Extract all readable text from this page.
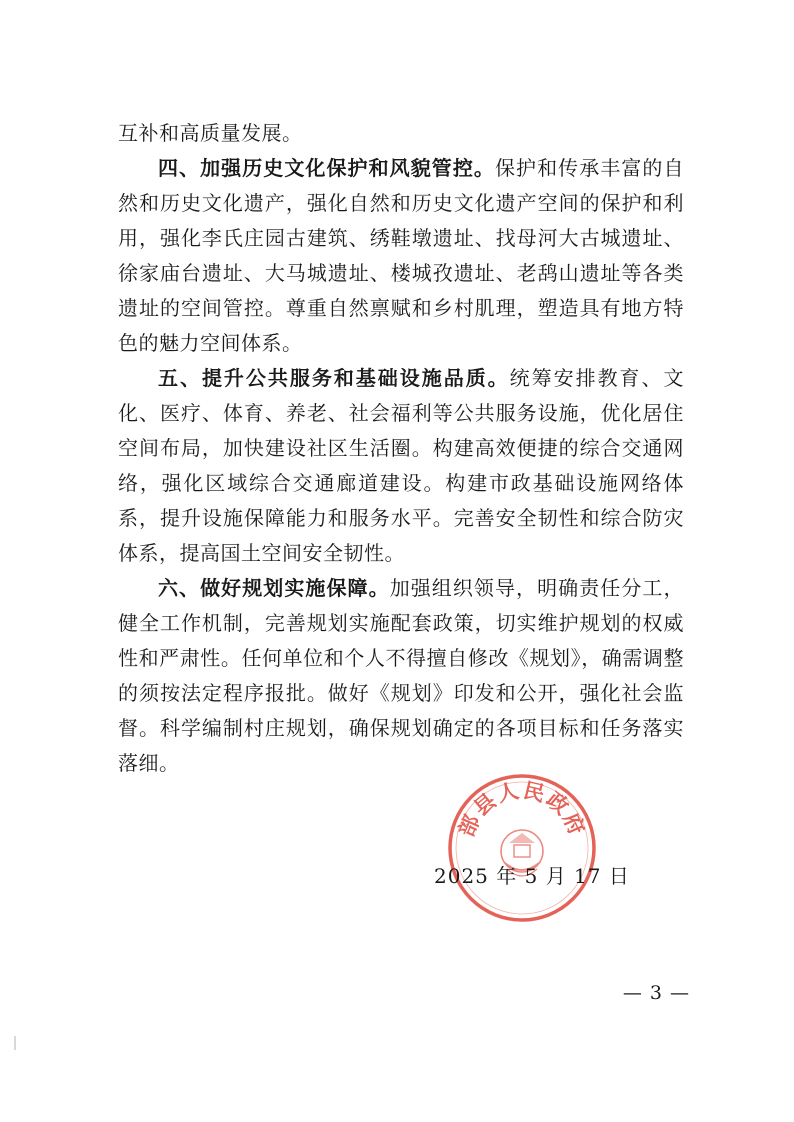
互补和高质量发展。

四、加强历史文化保护和风貌管控。保护和传承丰富的自然和历史文化遗产，强化自然和历史文化遗产空间的保护和利用，强化李氏庄园古建筑、绣鞋墩遗址、找母河大古城遗址、徐家庙台遗址、大马城遗址、楼城孜遗址、老鸹山遗址等各类遗址的空间管控。尊重自然禀赋和乡村肌理，塑造具有地方特色的魅力空间体系。

五、提升公共服务和基础设施品质。统筹安排教育、文化、医疗、体育、养老、社会福利等公共服务设施，优化居住空间布局，加快建设社区生活圈。构建高效便捷的综合交通网络，强化区域综合交通廊道建设。构建市政基础设施网络体系，提升设施保障能力和服务水平。完善安全韧性和综合防灾体系，提高国土空间安全韧性。

六、做好规划实施保障。加强组织领导，明确责任分工，健全工作机制，完善规划实施配套政策，切实维护规划的权威性和严肃性。任何单位和个人不得擅自修改《规划》，确需调整的须按法定程序报批。做好《规划》印发和公开，强化社会监督。科学编制村庄规划，确保规划确定的各项目标和任务落实落细。

部县人民政府
2025 年 5 月 17 日
— 3 —
